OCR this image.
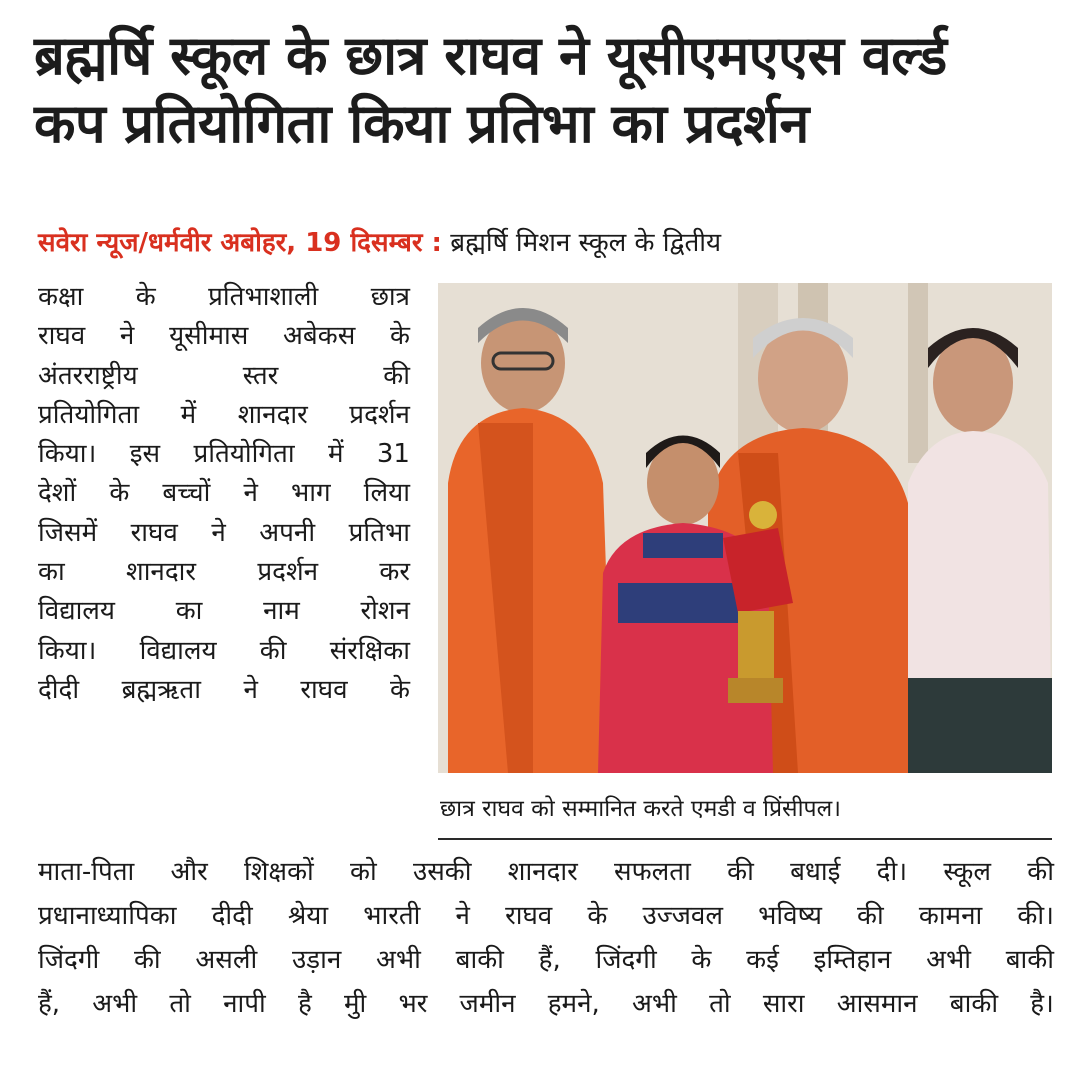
ब्रह्मर्षि स्कूल के छात्र राघव ने यूसीएमएएस वर्ल्ड
कप प्रतियोगिता किया प्रतिभा का प्रदर्शन
सवेरा न्यूज/धर्मवीर अबोहर, 19 दिसम्बर : ब्रह्मर्षि मिशन स्कूल के द्वितीय
कक्षा के प्रतिभाशाली छात्र
राघव ने यूसीमास अबेकस के
अंतरराष्ट्रीय	स्तर	की
प्रतियोगिता में शानदार प्रदर्शन
किया। इस प्रतियोगिता में 31
देशों के बच्चों ने भाग लिया
जिसमें राघव ने अपनी प्रतिभा
का शानदार प्रदर्शन कर
विद्यालय का नाम रोशन
किया। विद्यालय की संरक्षिका
दीदी ब्रह्मऋता ने राघव के
छात्र राघव को सम्मानित करते एमडी व प्रिंसीपल।
माता-पिता और शिक्षकों को उसकी शानदार सफलता की बधाई दी। स्कूल की
प्रधानाध्यापिका दीदी श्रेया भारती ने राघव के उज्जवल भविष्य की कामना की।
जिंदगी की असली उड़ान अभी बाकी हैं, जिंदगी के कई इम्तिहान अभी बाकी
हैं, अभी तो नापी है मुी भर जमीन हमने, अभी तो सारा आसमान बाकी है।
